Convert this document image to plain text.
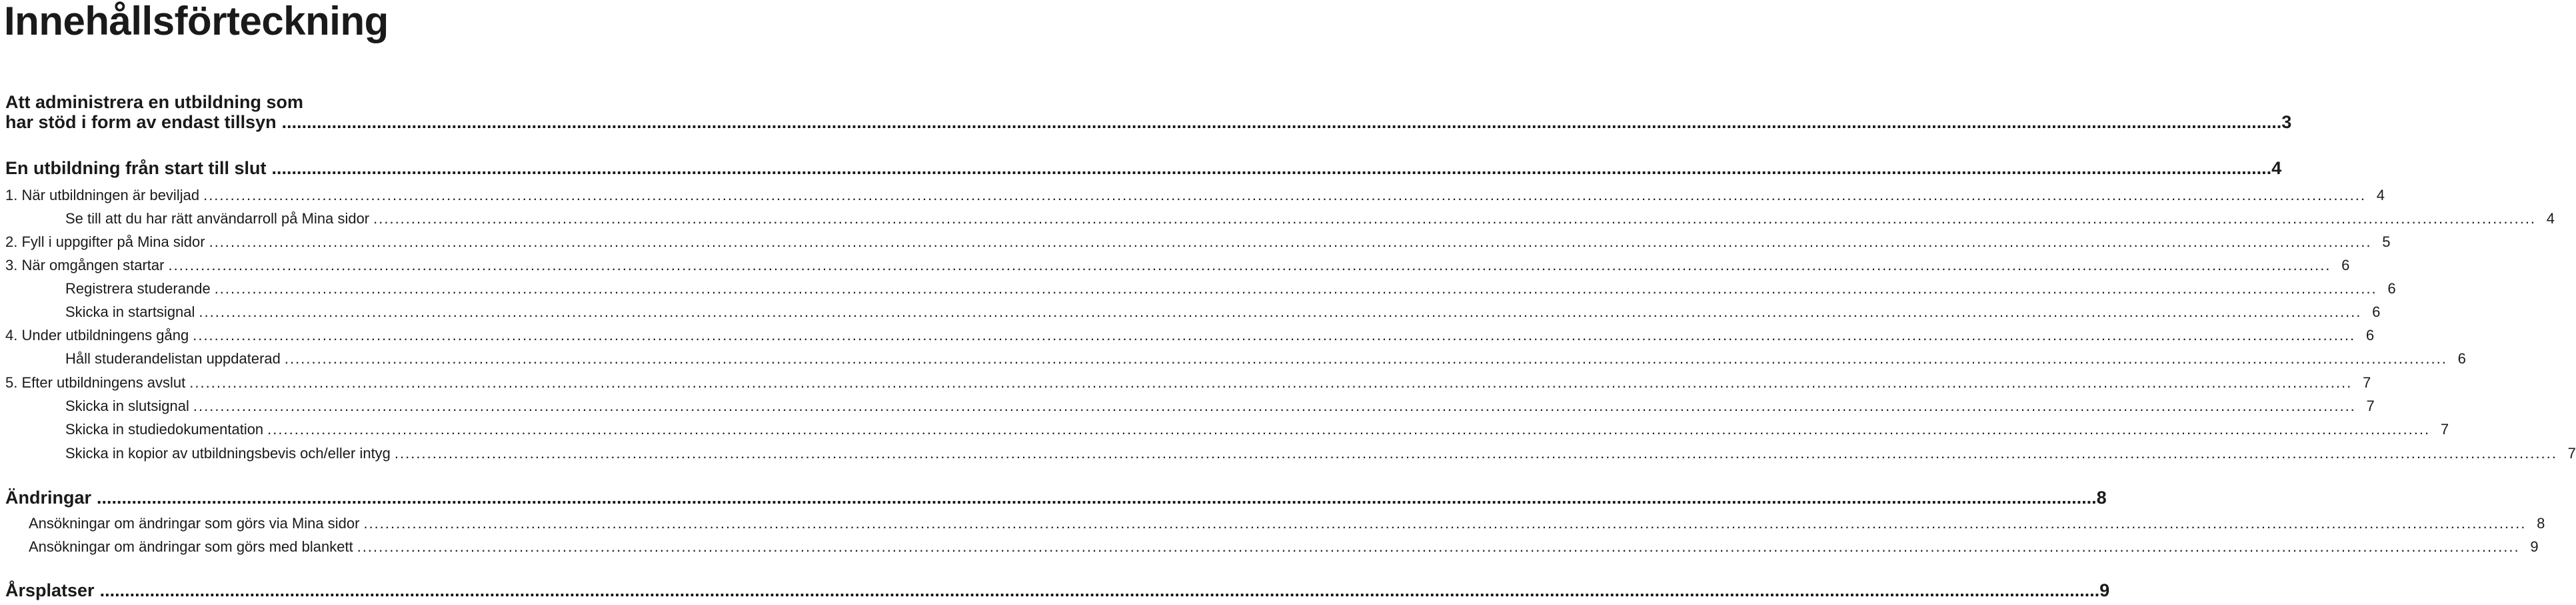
Innehållsförteckning
Att administrera en utbildning som
har stöd i form av endast tillsyn ................................................................................................................................................................................................................................................................................................................................................................................................................ 3
En utbildning från start till slut ................................................................................................................................................................................................................................................................................................................................................................................................................ 4
1. När utbildningen är beviljad ................................................................................................................................................................................................................................................................................................................................................................................................................ 4
Se till att du har rätt användarroll på Mina sidor ................................................................................................................................................................................................................................................................................................................................................................................................................ 4
2. Fyll i uppgifter på Mina sidor ................................................................................................................................................................................................................................................................................................................................................................................................................ 5
3. När omgången startar ................................................................................................................................................................................................................................................................................................................................................................................................................ 6
Registrera studerande ................................................................................................................................................................................................................................................................................................................................................................................................................ 6
Skicka in startsignal ................................................................................................................................................................................................................................................................................................................................................................................................................ 6
4. Under utbildningens gång ................................................................................................................................................................................................................................................................................................................................................................................................................ 6
Håll studerandelistan uppdaterad ................................................................................................................................................................................................................................................................................................................................................................................................................ 6
5. Efter utbildningens avslut ................................................................................................................................................................................................................................................................................................................................................................................................................ 7
Skicka in slutsignal ................................................................................................................................................................................................................................................................................................................................................................................................................ 7
Skicka in studiedokumentation ................................................................................................................................................................................................................................................................................................................................................................................................................ 7
Skicka in kopior av utbildningsbevis och/eller intyg ................................................................................................................................................................................................................................................................................................................................................................................................................ 7
Ändringar ................................................................................................................................................................................................................................................................................................................................................................................................................ 8
Ansökningar om ändringar som görs via Mina sidor ................................................................................................................................................................................................................................................................................................................................................................................................................ 8
Ansökningar om ändringar som görs med blankett ................................................................................................................................................................................................................................................................................................................................................................................................................ 9
Årsplatser ................................................................................................................................................................................................................................................................................................................................................................................................................ 9
